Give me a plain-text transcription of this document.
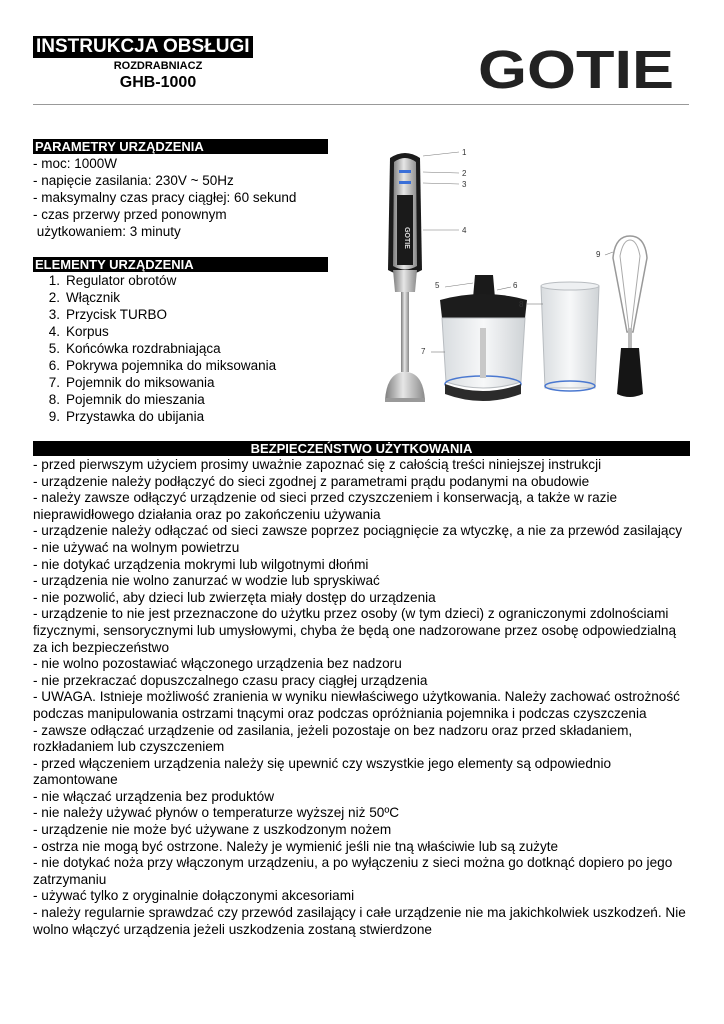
INSTRUKCJA OBSŁUGI
ROZDRABNIACZ
GHB-1000	GOTIE
PARAMETRY URZĄDZENIA
- moc: 1000W
- napięcie zasilania: 230V ~ 50Hz
- maksymalny czas pracy ciągłej: 60 sekund
- czas przerwy przed ponownym
użytkowaniem: 3 minuty
ELEMENTY URZĄDZENIA
1. Regulator obrotów
2. Włącznik
3. Przycisk TURBO
4. Korpus
5. Końcówka rozdrabniająca
6. Pokrywa pojemnika do miksowania
7. Pojemnik do miksowania
8. Pojemnik do mieszania
9. Przystawka do ubijania
GOTIE
1
2
3
4
5	6
7
8
9
BEZPIECZEŃSTWO UŻYTKOWANIA

- przed pierwszym użyciem prosimy uważnie zapoznać się z całością treści niniejszej instrukcji

- urządzenie należy podłączyć do sieci zgodnej z parametrami prądu podanymi na obudowie

- należy zawsze odłączyć urządzenie od sieci przed czyszczeniem i konserwacją, a także w razie nieprawidłowego działania oraz po zakończeniu używania

- urządzenie należy odłączać od sieci zawsze poprzez pociągnięcie za wtyczkę, a nie za przewód zasilający

- nie używać na wolnym powietrzu

- nie dotykać urządzenia mokrymi lub wilgotnymi dłońmi

- urządzenia nie wolno zanurzać w wodzie lub spryskiwać

- nie pozwolić, aby dzieci lub zwierzęta miały dostęp do urządzenia

- urządzenie to nie jest przeznaczone do użytku przez osoby (w tym dzieci) z ograniczonymi zdolnościami fizycznymi, sensorycznymi lub umysłowymi, chyba że będą one nadzorowane przez osobę odpowiedzialną za ich bezpieczeństwo

- nie wolno pozostawiać włączonego urządzenia bez nadzoru

- nie przekraczać dopuszczalnego czasu pracy ciągłej urządzenia

- UWAGA. Istnieje możliwość zranienia w wyniku niewłaściwego użytkowania. Należy zachować ostrożność podczas manipulowania ostrzami tnącymi oraz podczas opróżniania pojemnika i podczas czyszczenia

- zawsze odłączać urządzenie od zasilania, jeżeli pozostaje on bez nadzoru oraz przed składaniem, rozkładaniem lub czyszczeniem

- przed włączeniem urządzenia należy się upewnić czy wszystkie jego elementy są odpowiednio zamontowane

- nie włączać urządzenia bez produktów

- nie należy używać płynów o temperaturze wyższej niż 50ºC

- urządzenie nie może być używane z uszkodzonym nożem

- ostrza nie mogą być ostrzone. Należy je wymienić jeśli nie tną właściwie lub są zużyte

- nie dotykać noża przy włączonym urządzeniu, a po wyłączeniu z sieci można go dotknąć dopiero po jego zatrzymaniu

- używać tylko z oryginalnie dołączonymi akcesoriami

- należy regularnie sprawdzać czy przewód zasilający i całe urządzenie nie ma jakichkolwiek uszkodzeń. Nie wolno włączyć urządzenia jeżeli uszkodzenia zostaną stwierdzone
